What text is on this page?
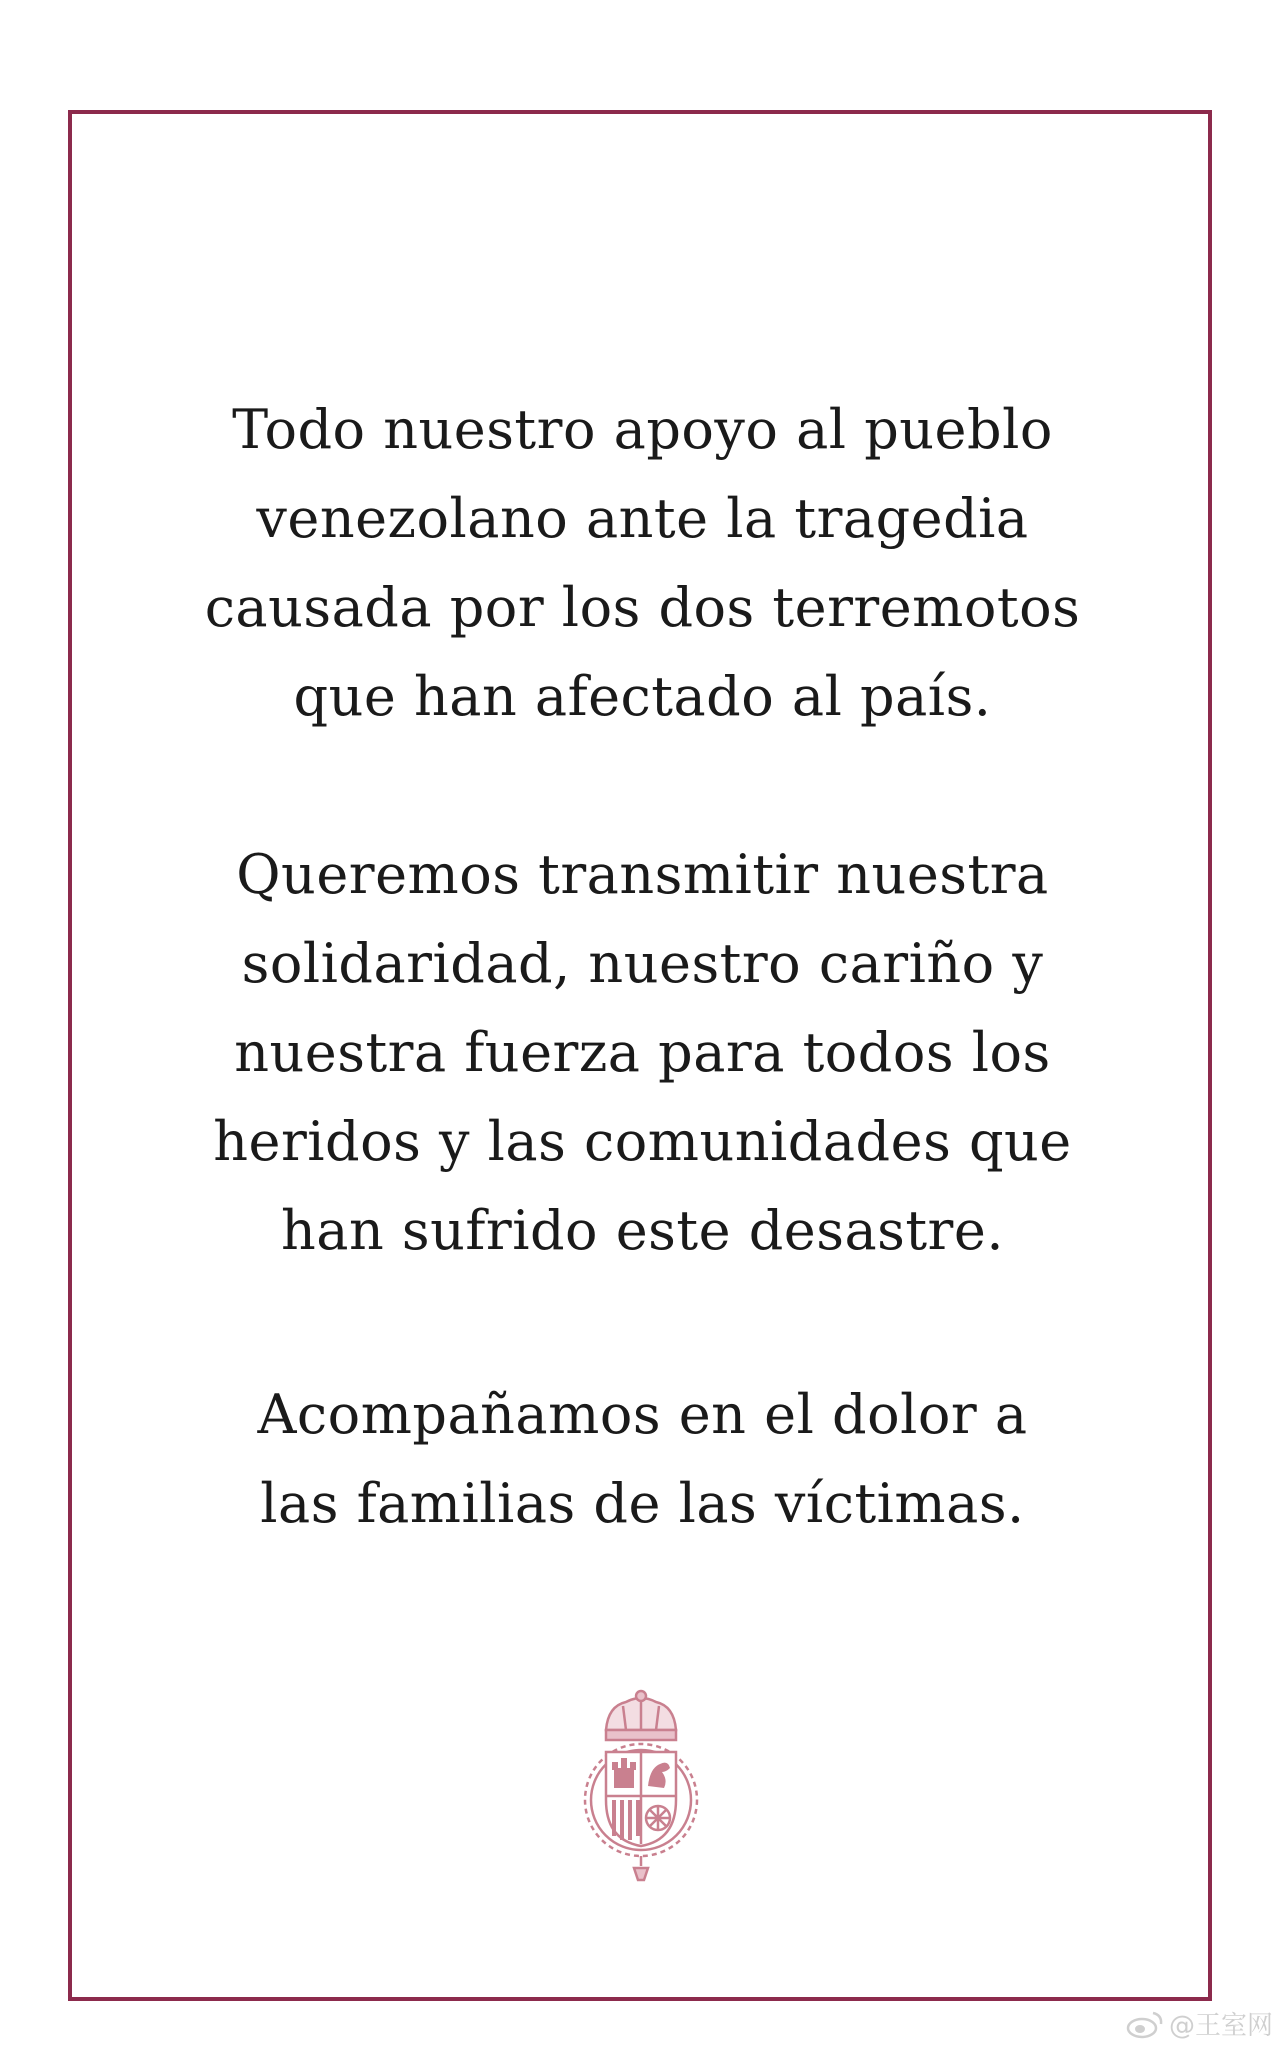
Todo nuestro apoyo al pueblo

venezolano ante la tragedia

causada por los dos terremotos

que han afectado al país.

Queremos transmitir nuestra

solidaridad, nuestro cariño y

nuestra fuerza para todos los

heridos y las comunidades que

han sufrido este desastre.

Acompañamos en el dolor a

las familias de las víctimas.

@王室网
